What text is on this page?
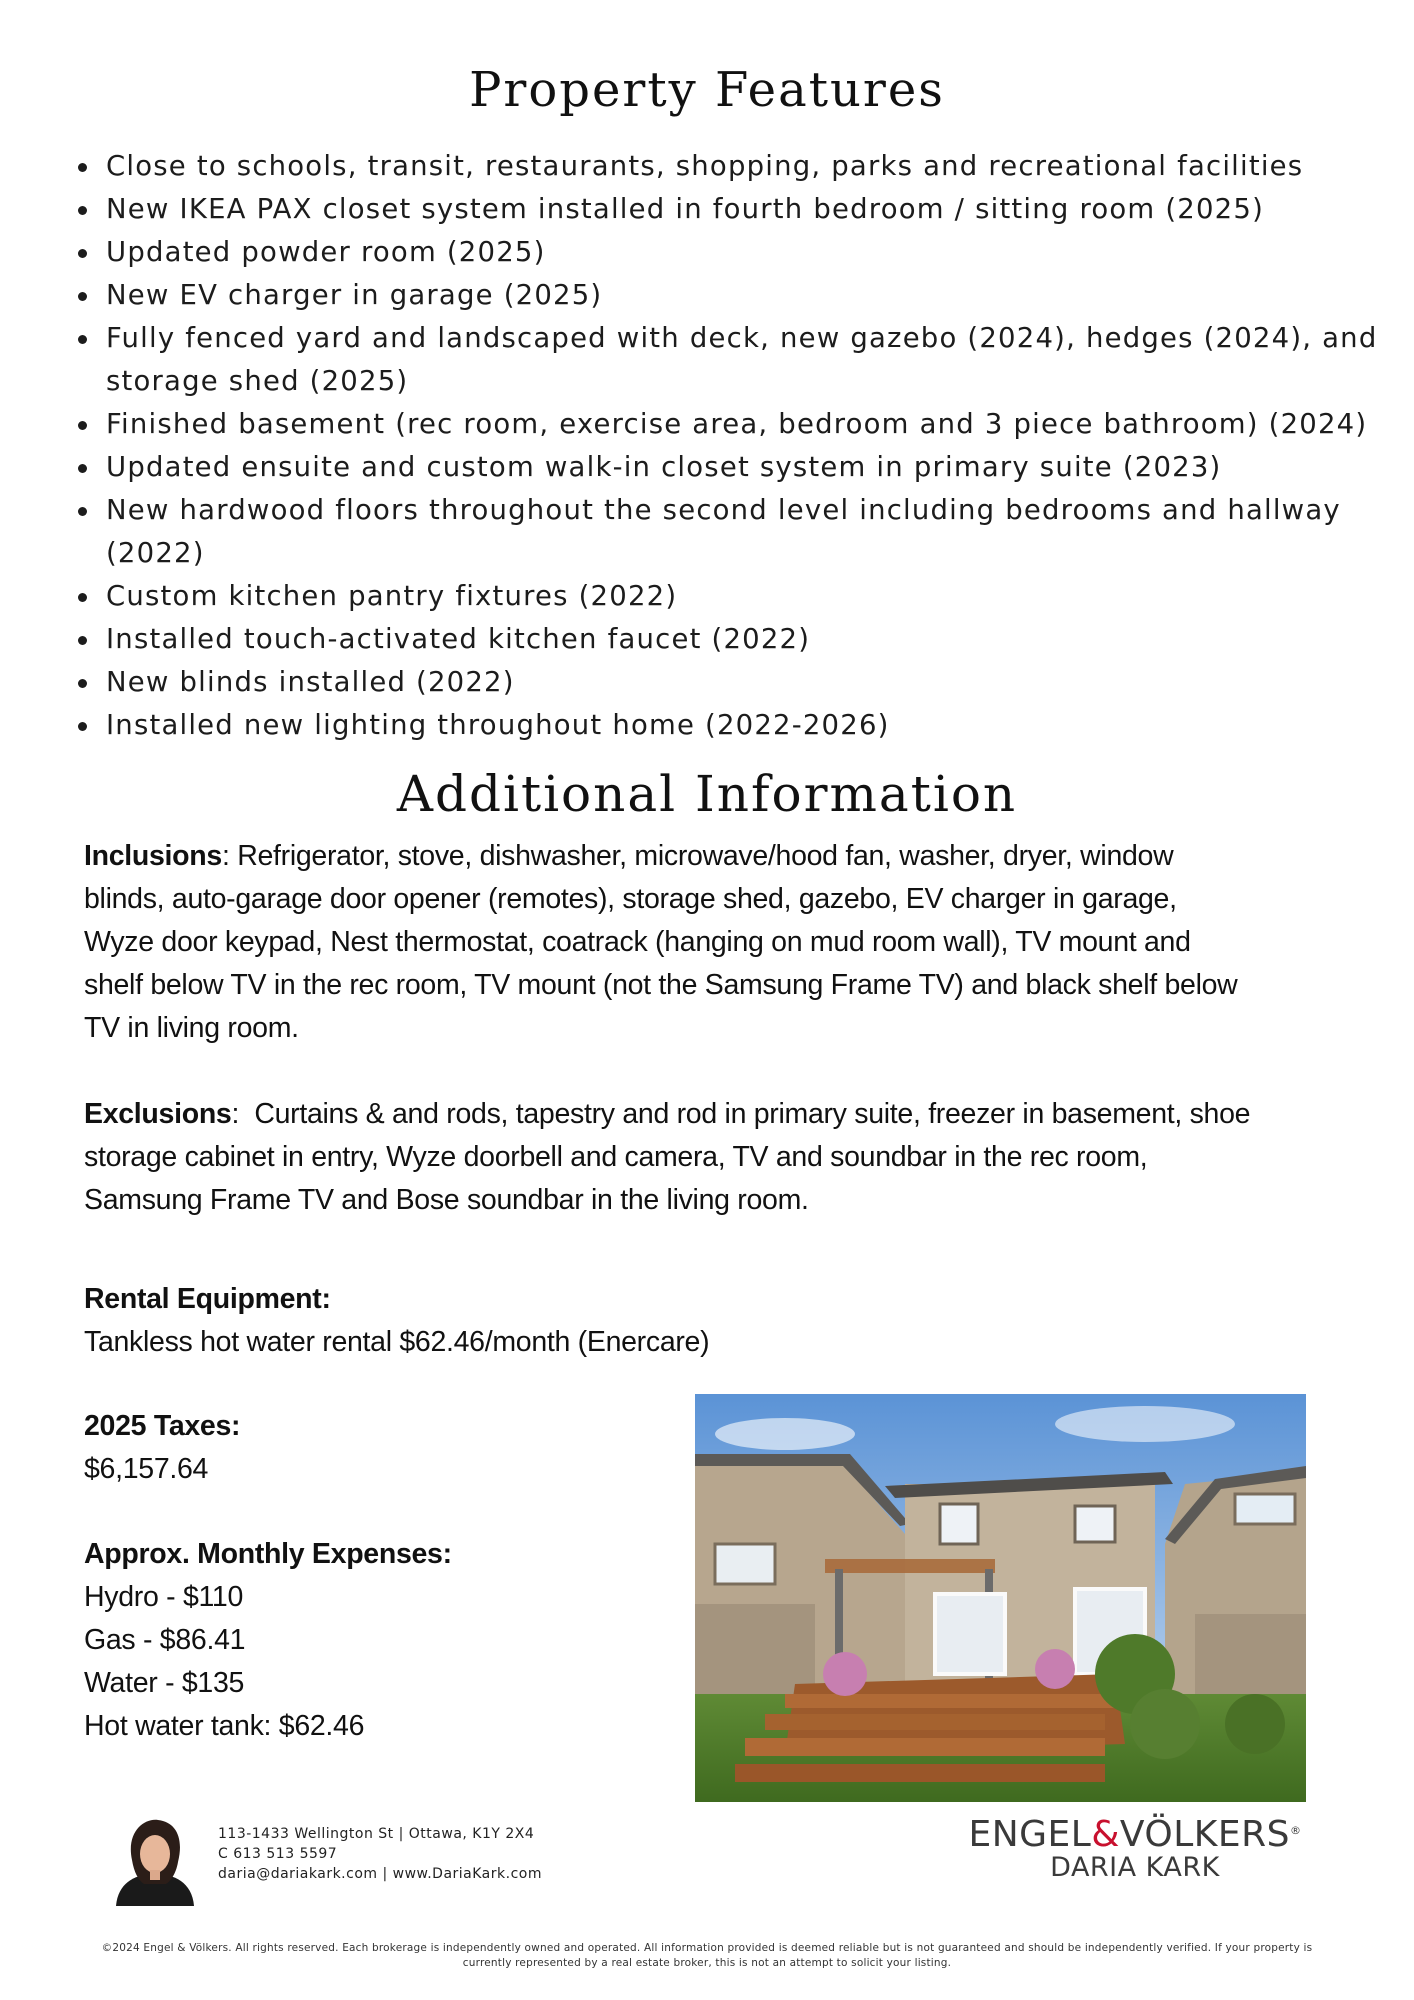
Property Features
Close to schools, transit, restaurants, shopping, parks and recreational facilities
New IKEA PAX closet system installed in fourth bedroom / sitting room (2025)
Updated powder room (2025)
New EV charger in garage (2025)
Fully fenced yard and landscaped with deck, new gazebo (2024), hedges (2024), and
storage shed (2025)
Finished basement (rec room, exercise area, bedroom and 3 piece bathroom) (2024)
Updated ensuite and custom walk-in closet system in primary suite (2023)
New hardwood floors throughout the second level including bedrooms and hallway
(2022)
Custom kitchen pantry fixtures (2022)
Installed touch-activated kitchen faucet (2022)
New blinds installed (2022)
Installed new lighting throughout home (2022-2026)
Additional Information
Inclusions: Refrigerator, stove, dishwasher, microwave/hood fan, washer, dryer, window
blinds, auto-garage door opener (remotes), storage shed, gazebo, EV charger in garage,
Wyze door keypad, Nest thermostat, coatrack (hanging on mud room wall), TV mount and
shelf below TV in the rec room, TV mount (not the Samsung Frame TV) and black shelf below
TV in living room.
Exclusions:  Curtains & and rods, tapestry and rod in primary suite, freezer in basement, shoe
storage cabinet in entry, Wyze doorbell and camera, TV and soundbar in the rec room,
Samsung Frame TV and Bose soundbar in the living room.
Rental Equipment:
Tankless hot water rental $62.46/month (Enercare)
2025 Taxes:
$6,157.64
Approx. Monthly Expenses:
Hydro - $110
Gas - $86.41
Water - $135
Hot water tank: $62.46
113-1433 Wellington St | Ottawa, K1Y 2X4
C 613 513 5597
daria@dariakark.com | www.DariaKark.com
ENGEL&VÖLKERS®
DARIA KARK
©2024 Engel & Völkers. All rights reserved. Each brokerage is independently owned and operated. All information provided is deemed reliable but is not guaranteed and should be independently verified. If your property is
currently represented by a real estate broker, this is not an attempt to solicit your listing.
